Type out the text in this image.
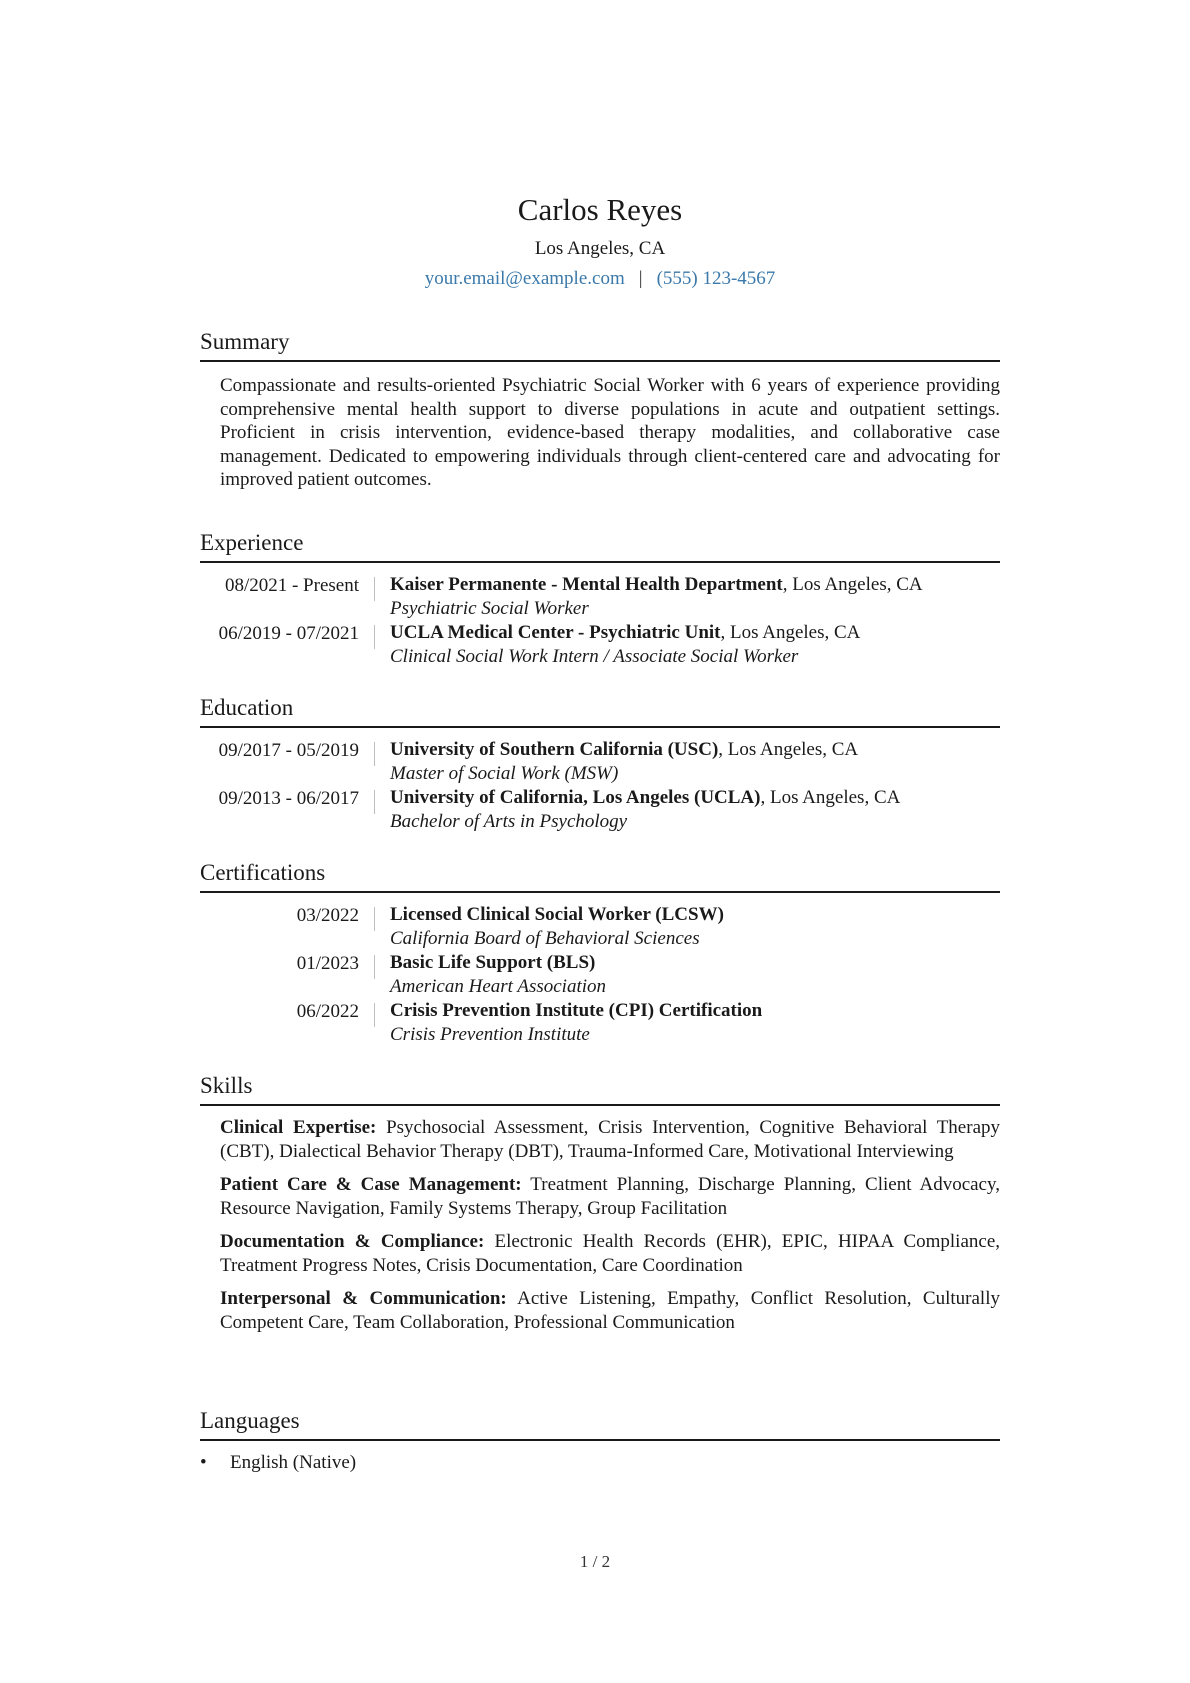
Carlos Reyes
Los Angeles, CA
your.email@example.com | (555) 123-4567
Summary
Compassionate and results-oriented Psychiatric Social Worker with 6 years of experience providing comprehensive mental health support to diverse populations in acute and outpatient settings. Proficient in crisis intervention, evidence-based therapy modalities, and collaborative case management. Dedicated to empowering individuals through client-centered care and advocating for improved patient outcomes.
Experience
08/2021 - Present	Kaiser Permanente - Mental Health Department, Los Angeles, CA
Psychiatric Social Worker
06/2019 - 07/2021	UCLA Medical Center - Psychiatric Unit, Los Angeles, CA
Clinical Social Work Intern / Associate Social Worker
Education
09/2017 - 05/2019	University of Southern California (USC), Los Angeles, CA
Master of Social Work (MSW)
09/2013 - 06/2017	University of California, Los Angeles (UCLA), Los Angeles, CA
Bachelor of Arts in Psychology
Certifications
03/2022	Licensed Clinical Social Worker (LCSW)
California Board of Behavioral Sciences
01/2023	Basic Life Support (BLS)
American Heart Association
06/2022	Crisis Prevention Institute (CPI) Certification
Crisis Prevention Institute
Skills
Clinical Expertise: Psychosocial Assessment, Crisis Intervention, Cognitive Behavioral Therapy (CBT), Dialectical Behavior Therapy (DBT), Trauma-Informed Care, Motivational Interviewing
Patient Care & Case Management: Treatment Planning, Discharge Planning, Client Advocacy, Resource Navigation, Family Systems Therapy, Group Facilitation
Documentation & Compliance: Electronic Health Records (EHR), EPIC, HIPAA Compliance, Treatment Progress Notes, Crisis Documentation, Care Coordination
Interpersonal & Communication: Active Listening, Empathy, Conflict Resolution, Culturally Competent Care, Team Collaboration, Professional Communication
Languages
•	English (Native)
1 / 2
